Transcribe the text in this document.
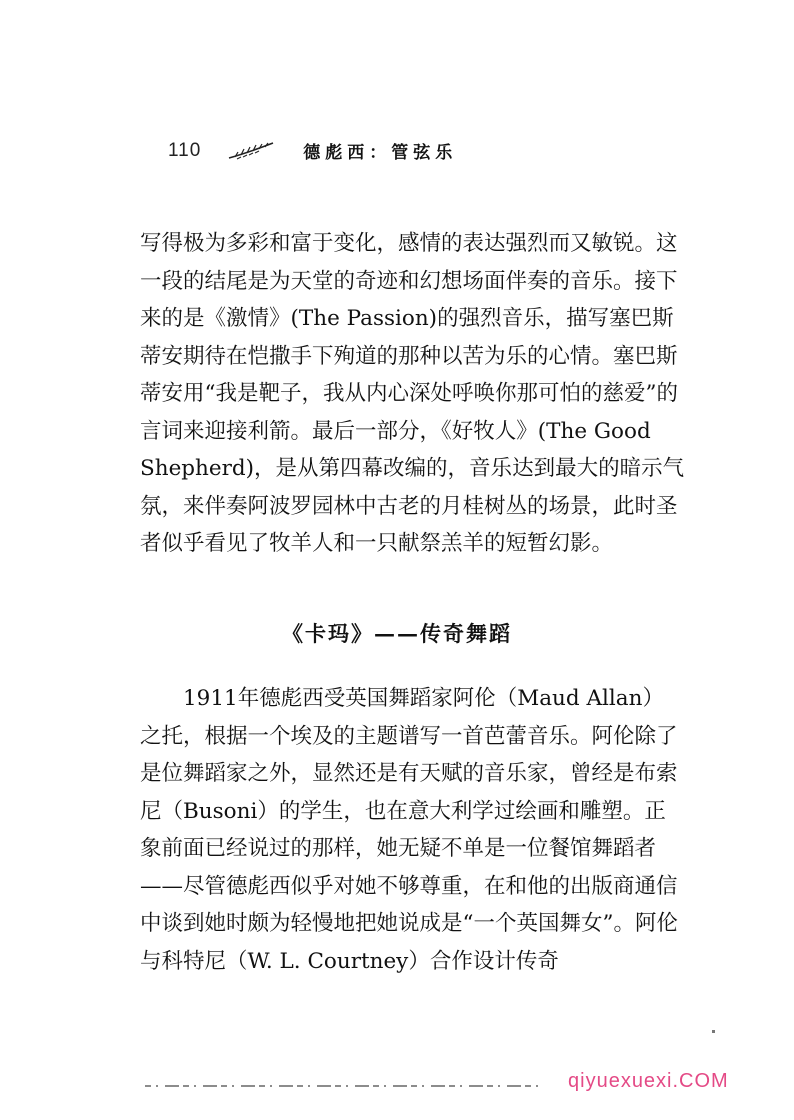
110	德彪西：管弦乐

写得极为多彩和富于变化，感情的表达强烈而又敏锐。这一段的结尾是为天堂的奇迹和幻想场面伴奏的音乐。接下来的是《激情》(The Passion)的强烈音乐，描写塞巴斯蒂安期待在恺撒手下殉道的那种以苦为乐的心情。塞巴斯蒂安用“我是靶子，我从内心深处呼唤你那可怕的慈爱”的言词来迎接利箭。最后一部分，《好牧人》(The Good Shepherd)，是从第四幕改编的，音乐达到最大的暗示气氛，来伴奏阿波罗园林中古老的月桂树丛的场景，此时圣者似乎看见了牧羊人和一只献祭羔羊的短暂幻影。

《卡玛》——传奇舞蹈

1911年德彪西受英国舞蹈家阿伦（Maud Allan）之托，根据一个埃及的主题谱写一首芭蕾音乐。阿伦除了是位舞蹈家之外，显然还是有天赋的音乐家，曾经是布索尼（Busoni）的学生，也在意大利学过绘画和雕塑。正象前面已经说过的那样，她无疑不单是一位餐馆舞蹈者——尽管德彪西似乎对她不够尊重，在和他的出版商通信中谈到她时颇为轻慢地把她说成是“一个英国舞女”。阿伦与科特尼（W. L. Courtney）合作设计传奇

qiyuexuexi.COM
